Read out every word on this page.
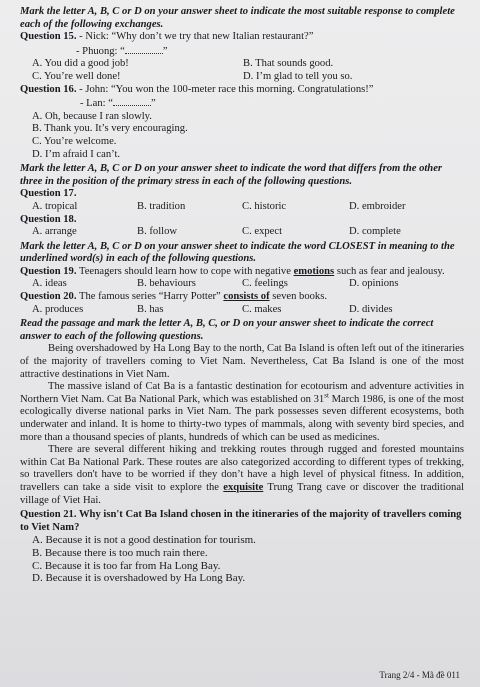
Mark the letter A, B, C or D on your answer sheet to indicate the most suitable response to complete each of the following exchanges.

Question 15. - Nick: “Why don’t we try that new Italian restaurant?”

- Phuong: “	”

A. You did a good job!	B. That sounds good.
C. You’re well done!	D. I’m glad to tell you so.

Question 16. - John: “You won the 100-meter race this morning. Congratulations!”

- Lan: “	”

A. Oh, because I ran slowly.

B. Thank you. It’s very encouraging.

C. You’re welcome.

D. I’m afraid I can’t.

Mark the letter A, B, C or D on your answer sheet to indicate the word that differs from the other three in the position of the primary stress in each of the following questions.

Question 17.

A. tropical	B. tradition	C. historic	D. embroider

Question 18.

A. arrange	B. follow	C. expect	D. complete

Mark the letter A, B, C or D on your answer sheet to indicate the word CLOSEST in meaning to the underlined word(s) in each of the following questions.

Question 19. Teenagers should learn how to cope with negative emotions such as fear and jealousy.

A. ideas	B. behaviours	C. feelings	D. opinions

Question 20. The famous series “Harry Potter” consists of seven books.

A. produces	B. has	C. makes	D. divides

Read the passage and mark the letter A, B, C, or D on your answer sheet to indicate the correct answer to each of the following questions.

Being overshadowed by Ha Long Bay to the north, Cat Ba Island is often left out of the itineraries of the majority of travellers coming to Viet Nam. Nevertheless, Cat Ba Island is one of the most attractive destinations in Viet Nam.

The massive island of Cat Ba is a fantastic destination for ecotourism and adventure activities in Northern Viet Nam. Cat Ba National Park, which was established on 31st March 1986, is one of the most ecologically diverse national parks in Viet Nam. The park possesses seven different ecosystems, both underwater and inland. It is home to thirty-two types of mammals, along with seventy bird species, and more than a thousand species of plants, hundreds of which can be used as medicines.

There are several different hiking and trekking routes through rugged and forested mountains within Cat Ba National Park. These routes are also categorized according to different types of trekking, so travellers don't have to be worried if they don’t have a high level of physical fitness. In addition, travellers can take a side visit to explore the exquisite Trung Trang cave or discover the traditional village of Viet Hai.

Question 21. Why isn't Cat Ba Island chosen in the itineraries of the majority of travellers coming to Viet Nam?

A. Because it is not a good destination for tourism.

B. Because there is too much rain there.

C. Because it is too far from Ha Long Bay.

D. Because it is overshadowed by Ha Long Bay.

Trang 2/4 - Mã đề 011
